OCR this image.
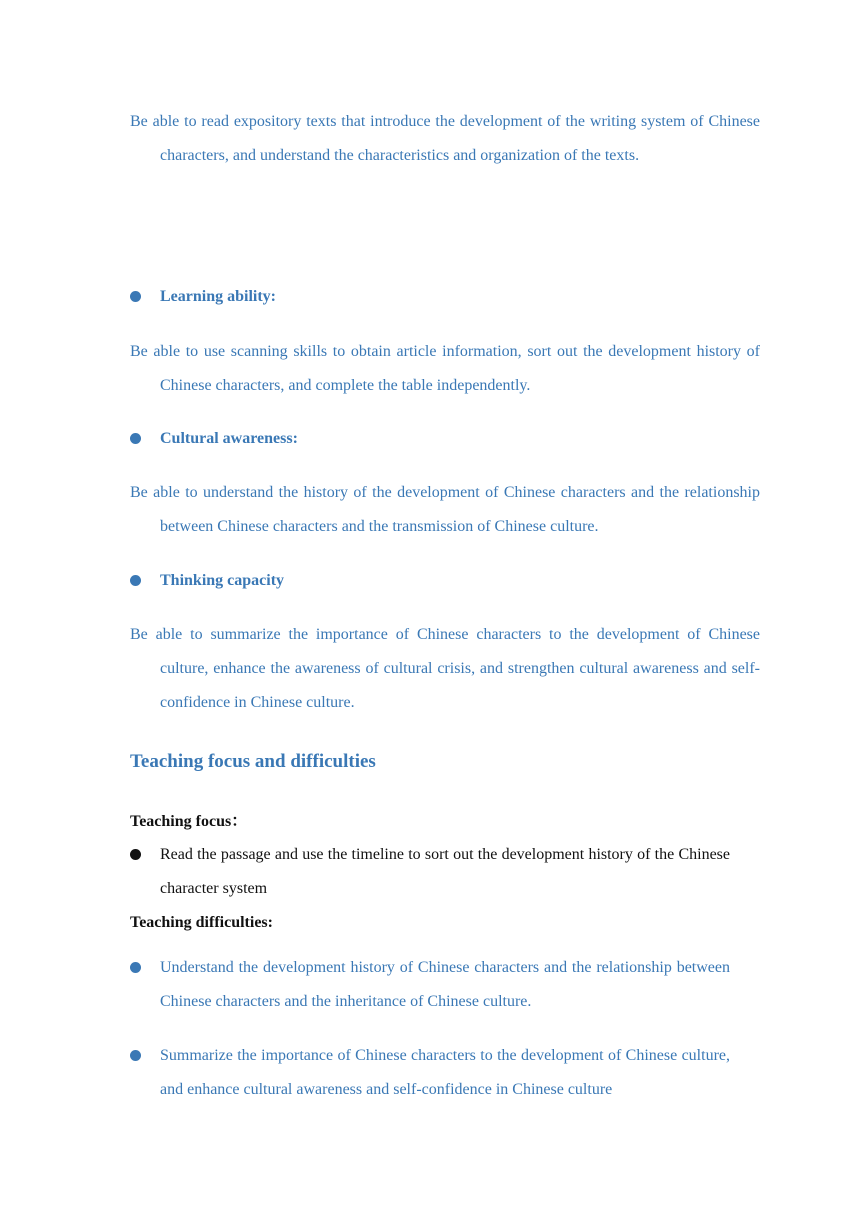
Be able to read expository texts that introduce the development of the writing system of Chinese characters, and understand the characteristics and organization of the texts.

Learning ability:

Be able to use scanning skills to obtain article information, sort out the development history of Chinese characters, and complete the table independently.

Cultural awareness:

Be able to understand the history of the development of Chinese characters and the relationship between Chinese characters and the transmission of Chinese culture.

Thinking capacity

Be able to summarize the importance of Chinese characters to the development of Chinese culture, enhance the awareness of cultural crisis, and strengthen cultural awareness and self-confidence in Chinese culture.

Teaching focus and difficulties
Teaching focus：
Read the passage and use the timeline to sort out the development history of the Chinese character system
Teaching difficulties:
Understand the development history of Chinese characters and the relationship between Chinese characters and the inheritance of Chinese culture.
Summarize the importance of Chinese characters to the development of Chinese culture, and enhance cultural awareness and self-confidence in Chinese culture
